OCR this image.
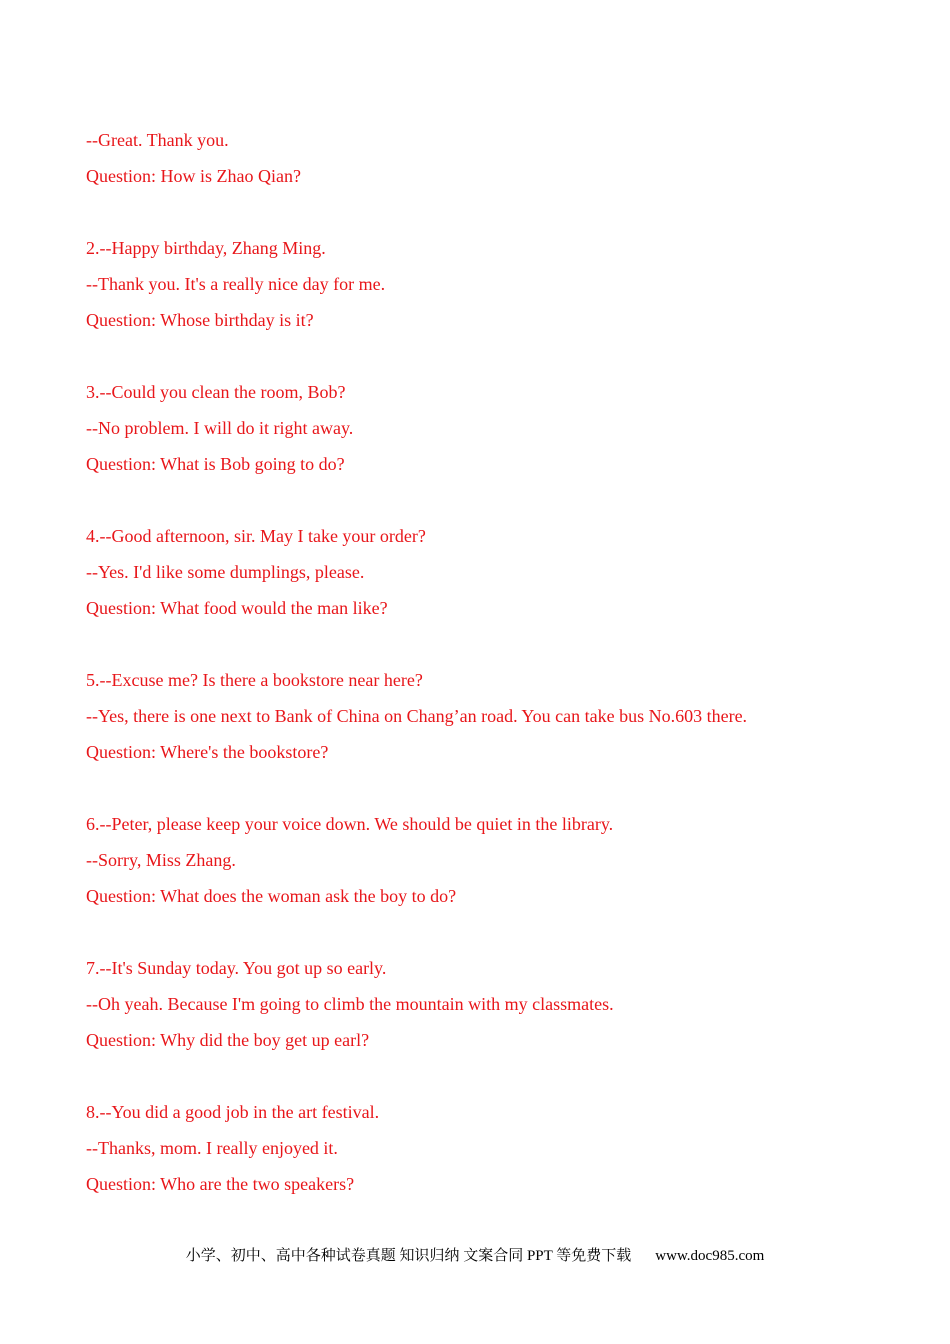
--Great. Thank you.
Question: How is Zhao Qian?
2.--Happy birthday, Zhang Ming.
--Thank you. It's a really nice day for me.
Question: Whose birthday is it?
3.--Could you clean the room, Bob?
--No problem. I will do it right away.
Question: What is Bob going to do?
4.--Good afternoon, sir. May I take your order?
--Yes. I'd like some dumplings, please.
Question: What food would the man like?
5.--Excuse me? Is there a bookstore near here?
--Yes, there is one next to Bank of China on Chang’an road. You can take bus No.603 there.
Question: Where's the bookstore?
6.--Peter, please keep your voice down. We should be quiet in the library.
--Sorry, Miss Zhang.
Question: What does the woman ask the boy to do?
7.--It's Sunday today. You got up so early.
--Oh yeah. Because I'm going to climb the mountain with my classmates.
Question: Why did the boy get up earl?
8.--You did a good job in the art festival.
--Thanks, mom. I really enjoyed it.
Question: Who are the two speakers?
小学、初中、高中各种试卷真题 知识归纳 文案合同 PPT 等免费下载 www.doc985.com
